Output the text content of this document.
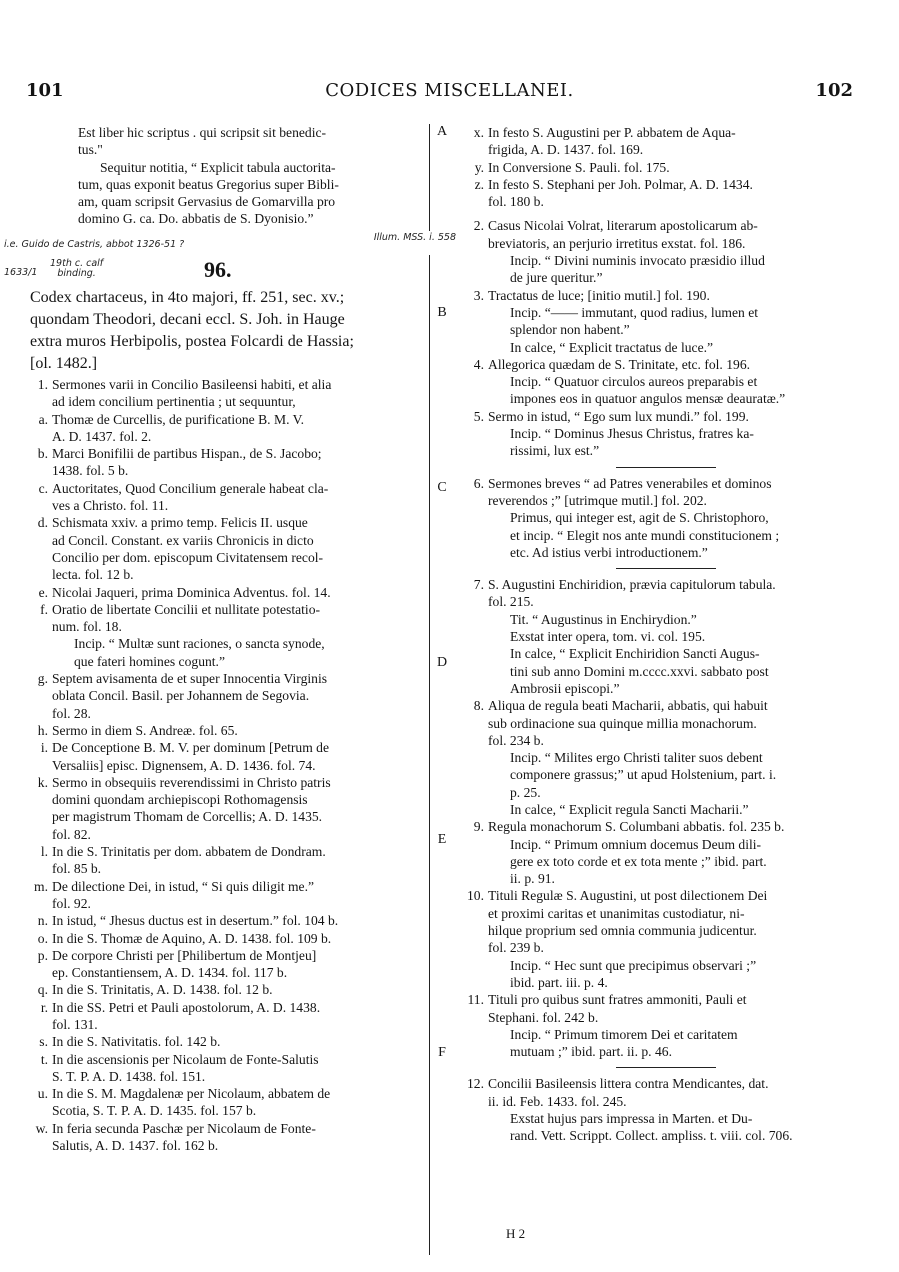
101	CODICES MISCELLANEI.	102

Est liber hic scriptus . qui scripsit sit benedic-

tus."

Sequitur notitia, “ Explicit tabula auctorita-

tum, quas exponit beatus Gregorius super Bibli-

am, quam scripsit Gervasius de Gomarvilla pro

domino G. ca. Do. abbatis de S. Dyonisio.”

i.e. Guido de Castris, abbot 1326-51 ?
Illum. MSS. i. 558
1633/1
19th c. calf
binding.	96.

Codex chartaceus, in 4to majori, ff. 251, sec. xv.;

quondam Theodori, decani eccl. S. Joh. in Hauge

extra muros Herbipolis, postea Folcardi de Hassia;

[ol. 1482.]

1. Sermones varii in Concilio Basileensi habiti, et alia
ad idem concilium pertinentia ; ut sequuntur,
a. Thomæ de Curcellis, de purificatione B. M. V.
A. D. 1437. fol. 2.
b. Marci Bonifilii de partibus Hispan., de S. Jacobo;
1438. fol. 5 b.
c. Auctoritates, Quod Concilium generale habeat cla-
ves a Christo. fol. 11.
d. Schismata xxiv. a primo temp. Felicis II. usque
ad Concil. Constant. ex variis Chronicis in dicto
Concilio per dom. episcopum Civitatensem recol-
lecta. fol. 12 b.
e. Nicolai Jaqueri, prima Dominica Adventus. fol. 14.
f. Oratio de libertate Concilii et nullitate potestatio-
num. fol. 18.
Incip. “ Multæ sunt raciones, o sancta synode,
que fateri homines cogunt.”
g. Septem avisamenta de et super Innocentia Virginis
oblata Concil. Basil. per Johannem de Segovia.
fol. 28.
h. Sermo in diem S. Andreæ. fol. 65.
i. De Conceptione B. M. V. per dominum [Petrum de
Versaliis] episc. Dignensem, A. D. 1436. fol. 74.
k. Sermo in obsequiis reverendissimi in Christo patris
domini quondam archiepiscopi Rothomagensis
per magistrum Thomam de Corcellis; A. D. 1435.
fol. 82.
l. In die S. Trinitatis per dom. abbatem de Dondram.
fol. 85 b.
m. De dilectione Dei, in istud, “ Si quis diligit me.”
fol. 92.
n. In istud, “ Jhesus ductus est in desertum.” fol. 104 b.
o. In die S. Thomæ de Aquino, A. D. 1438. fol. 109 b.
p. De corpore Christi per [Philibertum de Montjeu]
ep. Constantiensem, A. D. 1434. fol. 117 b.
q. In die S. Trinitatis, A. D. 1438. fol. 12 b.
r. In die SS. Petri et Pauli apostolorum, A. D. 1438.
fol. 131.
s. In die S. Nativitatis. fol. 142 b.
t. In die ascensionis per Nicolaum de Fonte-Salutis
S. T. P. A. D. 1438. fol. 151.
u. In die S. M. Magdalenæ per Nicolaum, abbatem de
Scotia, S. T. P. A. D. 1435. fol. 157 b.
w. In feria secunda Paschæ per Nicolaum de Fonte-
Salutis, A. D. 1437. fol. 162 b.
x. In festo S. Augustini per P. abbatem de Aqua-
frigida, A. D. 1437. fol. 169.
y. In Conversione S. Pauli. fol. 175.
z. In festo S. Stephani per Joh. Polmar, A. D. 1434.
fol. 180 b.
2. Casus Nicolai Volrat, literarum apostolicarum ab-
breviatoris, an perjurio irretitus exstat. fol. 186.
Incip. “ Divini numinis invocato præsidio illud
de jure queritur.”
3. Tractatus de luce; [initio mutil.] fol. 190.
Incip. “—— immutant, quod radius, lumen et
splendor non habent.”
In calce, “ Explicit tractatus de luce.”
4. Allegorica quædam de S. Trinitate, etc. fol. 196.
Incip. “ Quatuor circulos aureos preparabis et
impones eos in quatuor angulos mensæ deauratæ.”
5. Sermo in istud, “ Ego sum lux mundi.” fol. 199.
Incip. “ Dominus Jhesus Christus, fratres ka-
rissimi, lux est.”
6. Sermones breves “ ad Patres venerabiles et dominos
reverendos ;” [utrimque mutil.] fol. 202.
Primus, qui integer est, agit de S. Christophoro,
et incip. “ Elegit nos ante mundi constitucionem ;
etc. Ad istius verbi introductionem.”
7. S. Augustini Enchiridion, prævia capitulorum tabula.
fol. 215.
Tit. “ Augustinus in Enchirydion.”
Exstat inter opera, tom. vi. col. 195.
In calce, “ Explicit Enchiridion Sancti Augus-
tini sub anno Domini m.cccc.xxvi. sabbato post
Ambrosii episcopi.”
8. Aliqua de regula beati Macharii, abbatis, qui habuit
sub ordinacione sua quinque millia monachorum.
fol. 234 b.
Incip. “ Milites ergo Christi taliter suos debent
componere grassus;” ut apud Holstenium, part. i.
p. 25.
In calce, “ Explicit regula Sancti Macharii.”
9. Regula monachorum S. Columbani abbatis. fol. 235 b.
Incip. “ Primum omnium docemus Deum dili-
gere ex toto corde et ex tota mente ;” ibid. part.
ii. p. 91.
10. Tituli Regulæ S. Augustini, ut post dilectionem Dei
et proximi caritas et unanimitas custodiatur, ni-
hilque proprium sed omnia communia judicentur.
fol. 239 b.
Incip. “ Hec sunt que precipimus observari ;”
ibid. part. iii. p. 4.
11. Tituli pro quibus sunt fratres ammoniti, Pauli et
Stephani. fol. 242 b.
Incip. “ Primum timorem Dei et caritatem
mutuam ;” ibid. part. ii. p. 46.
12. Concilii Basileensis littera contra Mendicantes, dat.
ii. id. Feb. 1433. fol. 245.
Exstat hujus pars impressa in Marten. et Du-
rand. Vett. Scrippt. Collect. ampliss. t. viii. col. 706.
A
B
C
D
E
F
H 2
